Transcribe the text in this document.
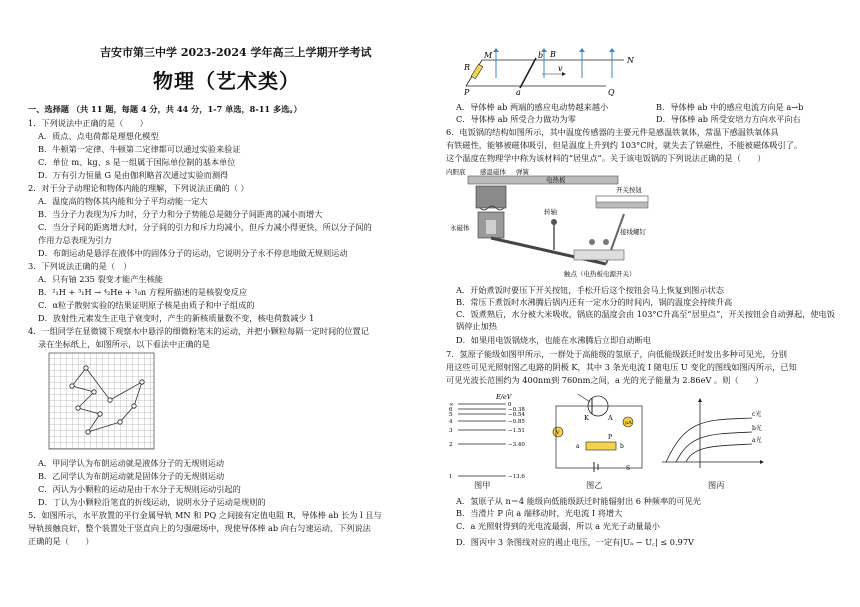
吉安市第三中学 2023-2024 学年高三上学期开学考试
物理（艺术类）
一、选择题 （共 11 题，每题 4 分，共 44 分，1-7 单选，8-11 多选。）
1．下列说法中正确的是（　　）
A．质点、点电荷都是理想化模型
B．牛顿第一定律、牛顿第二定律都可以通过实验来验证
C．单位 m、kg、s 是一组属于国际单位制的基本单位
D．万有引力恒量 G 是由伽利略首次通过实验而测得
2．对于分子动理论和物体内能的理解，下列说法正确的（ ）
A．温度高的物体其内能和分子平均动能一定大
B．当分子力表现为斥力时，分子力和分子势能总是随分子间距离的减小而增大
C．当分子间的距离增大时，分子间的引力和斥力均减小，但斥力减小得更快，所以分子间的
作用力总表现为引力
D．布朗运动是悬浮在液体中的固体分子的运动，它说明分子永不停息地做无规则运动
3．下列说法正确的是（　）
A．只有铀 235 裂变才能产生核能
B．²₁H + ³₁H → ⁴₂He + ¹₀n 方程所描述的是核裂变反应
C．α粒子散射实验的结果证明原子核是由质子和中子组成的
D．放射性元素发生正电子衰变时，产生的新核质量数不变，核电荷数减少 1
4．一组同学在显微镜下观察水中悬浮的细微粉笔末的运动，并把小颗粒每隔一定时间的位置记
录在坐标纸上，如图所示，以下看法中正确的是
A．甲同学认为布朗运动就是液体分子的无规则运动
B．乙同学认为布朗运动就是固体分子的无规则运动
C．丙认为小颗粒的运动是由于水分子无规则运动引起的
D．丁认为小颗粒沿笔直的折线运动，说明水分子运动是规则的
5．如图所示，水平放置的平行金属导轨 MN 和 PQ 之间接有定值电阻 R，导体棒 ab 长为 l 且与
导轨接触良好，整个装置处于竖直向上的匀强磁场中，现使导体棒 ab 向右匀速运动，下列说法
正确的是（　　）
M
N
P	Q
R
a
b B
v
A．导体棒 ab 两端的感应电动势越来越小	B．导体棒 ab 中的感应电流方向是 a→b
C．导体棒 ab 所受合力做功为零	D．导体棒 ab 所受安培力方向水平向右
6．电饭锅的结构如图所示，其中温度传感器的主要元件是感温铁氧体，常温下感温铁氧体具
有铁磁性，能够被磁体吸引，但是温度上升到约 103°C时，就失去了铁磁性，不能被磁体吸引了。
这个温度在物理学中称为该材料的“居里点”。关于该电饭锅的下列说法正确的是（　　）
内胆底 感温磁体 弹簧
电热板
开关按钮
转轴
永磁体	接线螺钉
触点（电热板电源开关）
A．开始煮饭时要压下开关按钮，手松开后这个按钮会马上恢复到图示状态
B．常压下煮饭时水沸腾后锅内还有一定水分的时间内，锅的温度会持续升高
C．饭煮熟后，水分被大米吸收，锅底的温度会由 103°C升高至“居里点”，开关按钮会自动弹起，使电饭
锅停止加热
D．如果用电饭锅烧水，也能在水沸腾后立即自动断电
7．氢原子能级如图甲所示，一群处于高能级的氢原子，向低能级跃迁时发出多种可见光，分别
用这些可见光照射图乙电路的阴极 K，其中 3 条光电流 I 随电压 U 变化的图线如图丙所示，已知
可见光波长范围约为 400nm到 760nm之间，a 光的光子能量为 2.86eV 。则（　　）
E/eV
∞	0
6	−0.38
5	−0.54
4	−0.85
3	−1.51
2	−3.40
1	−13.6
图甲
K	A
μA
V
P
a	b
S
图乙
c光
b光
a光
图丙
A．氢原子从 n＝4 能级向低能级跃迁时能辐射出 6 种频率的可见光
B．当滑片 P 向 a 端移动时，光电流 I 将增大
C．a 光照射得到的光电流最弱，所以 a 光光子动量最小
D．图丙中 3 条图线对应的遏止电压，一定有|Uₐ − U꜀| ≤ 0.97V
